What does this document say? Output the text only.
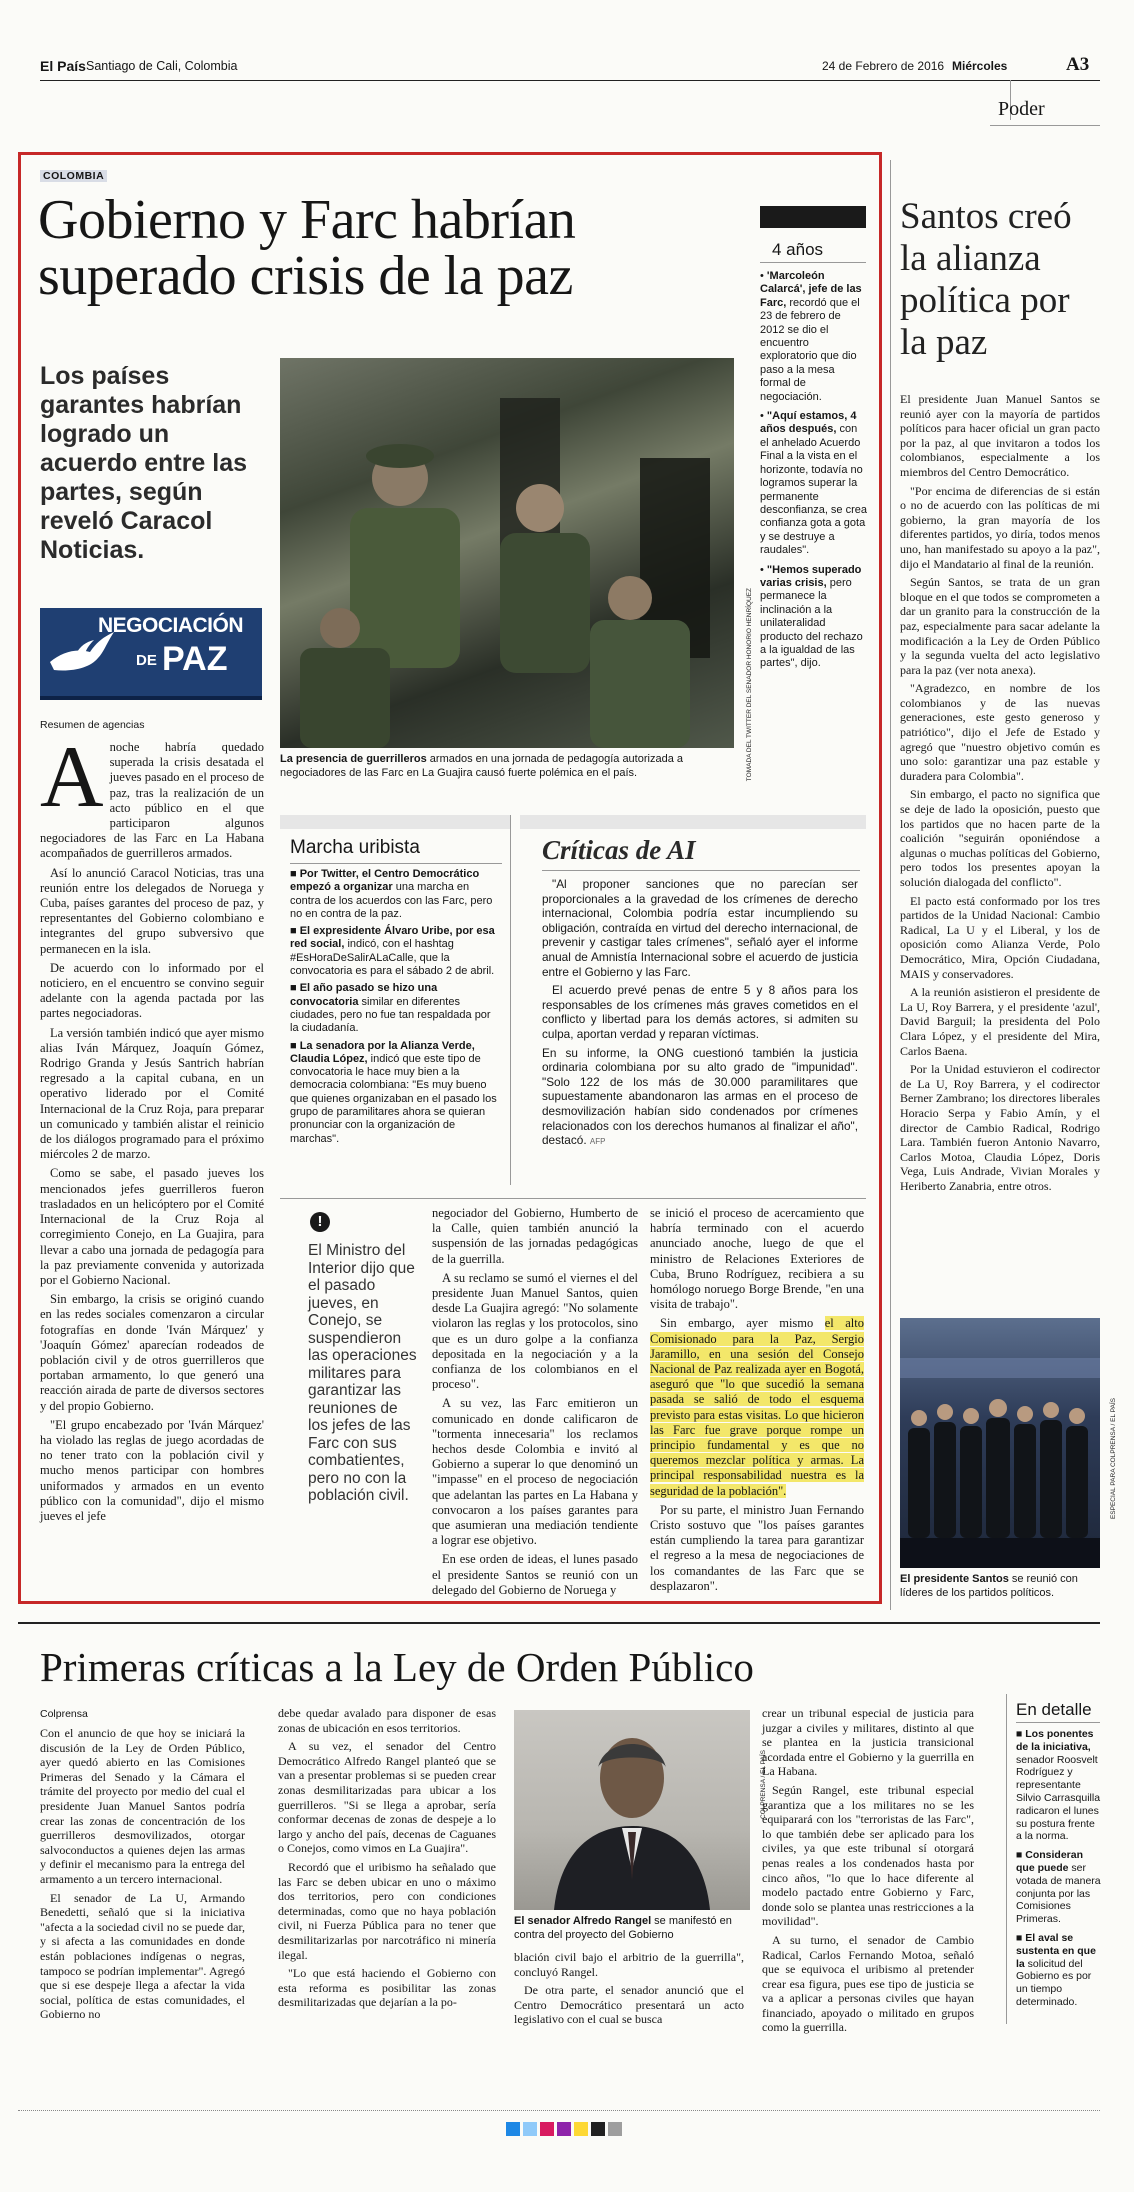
El País Santiago de Cali, Colombia	24 de Febrero de 2016 Miércoles	A3
Poder
COLOMBIA
Gobierno y Farc habrían superado crisis de la paz
Los países garantes habrían logrado un acuerdo entre las partes, según reveló Caracol Noticias.
NEGOCIACIÓN
DE PAZ
Resumen de agencias
A noche habría quedado superada la crisis desatada el jueves pasado en el proceso de paz, tras la realización de un acto público en el que participaron algunos negociadores de las Farc en La Habana acompañados de guerrilleros armados.

Así lo anunció Caracol Noticias, tras una reunión entre los delegados de Noruega y Cuba, países garantes del proceso de paz, y representantes del Gobierno colombiano e integrantes del grupo subversivo que permanecen en la isla.

De acuerdo con lo informado por el noticiero, en el encuentro se convino seguir adelante con la agenda pactada por las partes negociadoras.

La versión también indicó que ayer mismo alias Iván Márquez, Joaquín Gómez, Rodrigo Granda y Jesús Santrich habrían regresado a la capital cubana, en un operativo liderado por el Comité Internacional de la Cruz Roja, para preparar un comunicado y también alistar el reinicio de los diálogos programado para el próximo miércoles 2 de marzo.

Como se sabe, el pasado jueves los mencionados jefes guerrilleros fueron trasladados en un helicóptero por el Comité Internacional de la Cruz Roja al corregimiento Conejo, en La Guajira, para llevar a cabo una jornada de pedagogía para la paz previamente convenida y autorizada por el Gobierno Nacional.

Sin embargo, la crisis se originó cuando en las redes sociales comenzaron a circular fotografías en donde 'Iván Márquez' y 'Joaquín Gómez' aparecían rodeados de población civil y de otros guerrilleros que portaban armamento, lo que generó una reacción airada de parte de diversos sectores y del propio Gobierno.

"El grupo encabezado por 'Iván Márquez' ha violado las reglas de juego acordadas de no tener trato con la población civil y mucho menos participar con hombres uniformados y armados en un evento público con la comunidad", dijo el mismo jueves el jefe

TOMADA DEL TWITTER DEL SENADOR HONORIO HENRÍQUEZ
La presencia de guerrilleros armados en una jornada de pedagogía autorizada a negociadores de las Farc en La Guajira causó fuerte polémica en el país.
4 años
• 'Marcoleón Calarcá', jefe de las Farc, recordó que el 23 de febrero de 2012 se dio el encuentro exploratorio que dio paso a la mesa formal de negociación.
• "Aquí estamos, 4 años después, con el anhelado Acuerdo Final a la vista en el horizonte, todavía no logramos superar la permanente desconfianza, se crea confianza gota a gota y se destruye a raudales".
• "Hemos superado varias crisis, pero permanece la inclinación a la unilateralidad producto del rechazo a la igualdad de las partes", dijo.
Marcha uribista
■ Por Twitter, el Centro Democrático empezó a organizar una marcha en contra de los acuerdos con las Farc, pero no en contra de la paz.
■ El expresidente Álvaro Uribe, por esa red social, indicó, con el hashtag #EsHoraDeSalirALaCalle, que la convocatoria es para el sábado 2 de abril.
■ El año pasado se hizo una convocatoria similar en diferentes ciudades, pero no fue tan respaldada por la ciudadanía.
■ La senadora por la Alianza Verde, Claudia López, indicó que este tipo de convocatoria le hace muy bien a la democracia colombiana: "Es muy bueno que quienes organizaban en el pasado los grupo de paramilitares ahora se quieran pronunciar con la organización de marchas".
Críticas de AI

"Al proponer sanciones que no parecían ser proporcionales a la gravedad de los crímenes de derecho internacional, Colombia podría estar incumpliendo su obligación, contraída en virtud del derecho internacional, de prevenir y castigar tales crímenes", señaló ayer el informe anual de Amnistía Internacional sobre el acuerdo de justicia entre el Gobierno y las Farc.

El acuerdo prevé penas de entre 5 y 8 años para los responsables de los crímenes más graves cometidos en el conflicto y libertad para los demás actores, si admiten su culpa, aportan verdad y reparan víctimas.

En su informe, la ONG cuestionó también la justicia ordinaria colombiana por su alto grado de "impunidad". "Solo 122 de los más de 30.000 paramilitares que supuestamente abandonaron las armas en el proceso de desmovilización habían sido condenados por crímenes relacionados con los derechos humanos al finalizar el año", destacó. AFP
!
El Ministro del Interior dijo que el pasado jueves, en Conejo, se suspendieron las operaciones militares para garantizar las reuniones de los jefes de las Farc con sus combatientes, pero no con la población civil.

negociador del Gobierno, Humberto de la Calle, quien también anunció la suspensión de las jornadas pedagógicas de la guerrilla.

A su reclamo se sumó el viernes el del presidente Juan Manuel Santos, quien desde La Guajira agregó: "No solamente violaron las reglas y los protocolos, sino que es un duro golpe a la confianza depositada en la negociación y a la confianza de los colombianos en el proceso".

A su vez, las Farc emitieron un comunicado en donde calificaron de "tormenta innecesaria" los reclamos hechos desde Colombia e invitó al Gobierno a superar lo que denominó un "impasse" en el proceso de negociación que adelantan las partes en La Habana y convocaron a los países garantes para que asumieran una mediación tendiente a lograr ese objetivo.

En ese orden de ideas, el lunes pasado el presidente Santos se reunió con un delegado del Gobierno de Noruega y

se inició el proceso de acercamiento que habría terminado con el acuerdo anunciado anoche, luego de que el ministro de Relaciones Exteriores de Cuba, Bruno Rodríguez, recibiera a su homólogo noruego Borge Brende, "en una visita de trabajo".

Sin embargo, ayer mismo el alto Comisionado para la Paz, Sergio Jaramillo, en una sesión del Consejo Nacional de Paz realizada ayer en Bogotá, aseguró que "lo que sucedió la semana pasada se salió de todo el esquema previsto para estas visitas. Lo que hicieron las Farc fue grave porque rompe un principio fundamental y es que no queremos mezclar política y armas. La principal responsabilidad nuestra es la seguridad de la población".

Por su parte, el ministro Juan Fernando Cristo sostuvo que "los países garantes están cumpliendo la tarea para garantizar el regreso a la mesa de negociaciones de los comandantes de las Farc que se desplazaron".

Santos creó la alianza política por la paz

El presidente Juan Manuel Santos se reunió ayer con la mayoría de partidos políticos para hacer oficial un gran pacto por la paz, al que invitaron a todos los colombianos, especialmente a los miembros del Centro Democrático.

"Por encima de diferencias de si están o no de acuerdo con las políticas de mi gobierno, la gran mayoría de los diferentes partidos, yo diría, todos menos uno, han manifestado su apoyo a la paz", dijo el Mandatario al final de la reunión.

Según Santos, se trata de un gran bloque en el que todos se comprometen a dar un granito para la construcción de la paz, especialmente para sacar adelante la modificación a la Ley de Orden Público y la segunda vuelta del acto legislativo para la paz (ver nota anexa).

"Agradezco, en nombre de los colombianos y de las nuevas generaciones, este gesto generoso y patriótico", dijo el Jefe de Estado y agregó que "nuestro objetivo común es uno solo: garantizar una paz estable y duradera para Colombia".

Sin embargo, el pacto no significa que se deje de lado la oposición, puesto que los partidos que no hacen parte de la coalición "seguirán oponiéndose a algunas o muchas políticas del Gobierno, pero todos los presentes apoyan la solución dialogada del conflicto".

El pacto está conformado por los tres partidos de la Unidad Nacional: Cambio Radical, La U y el Liberal, y los de oposición como Alianza Verde, Polo Democrático, Mira, Opción Ciudadana, MAIS y conservadores.

A la reunión asistieron el presidente de La U, Roy Barrera, y el presidente 'azul', David Barguil; la presidenta del Polo Clara López, y el presidente del Mira, Carlos Baena.

Por la Unidad estuvieron el codirector de La U, Roy Barrera, y el codirector Berner Zambrano; los directores liberales Horacio Serpa y Fabio Amín, y el director de Cambio Radical, Rodrigo Lara. También fueron Antonio Navarro, Carlos Motoa, Claudia López, Doris Vega, Luis Andrade, Vivian Morales y Heriberto Zanabria, entre otros.

ESPECIAL PARA COLPRENSA / EL PAÍS
El presidente Santos se reunió con líderes de los partidos políticos.
Primeras críticas a la Ley de Orden Público
Colprensa

Con el anuncio de que hoy se iniciará la discusión de la Ley de Orden Público, ayer quedó abierto en las Comisiones Primeras del Senado y la Cámara el trámite del proyecto por medio del cual el presidente Juan Manuel Santos podría crear las zonas de concentración de los guerrilleros desmovilizados, otorgar salvoconductos a quienes dejen las armas y definir el mecanismo para la entrega del armamento a un tercero internacional.

El senador de La U, Armando Benedetti, señaló que si la iniciativa "afecta a la sociedad civil no se puede dar, y si afecta a las comunidades en donde están poblaciones indígenas o negras, tampoco se podrían implementar". Agregó que si ese despeje llega a afectar la vida social, política de estas comunidades, el Gobierno no

debe quedar avalado para disponer de esas zonas de ubicación en esos territorios.

A su vez, el senador del Centro Democrático Alfredo Rangel planteó que se van a presentar problemas si se pueden crear zonas desmilitarizadas para ubicar a los guerrilleros. "Si se llega a aprobar, sería conformar decenas de zonas de despeje a lo largo y ancho del país, decenas de Caguanes o Conejos, como vimos en La Guajira".

Recordó que el uribismo ha señalado que las Farc se deben ubicar en uno o máximo dos territorios, pero con condiciones determinadas, como que no haya población civil, ni Fuerza Pública para no tener que desmilitarizarlas por narcotráfico ni minería ilegal.

"Lo que está haciendo el Gobierno con esta reforma es posibilitar las zonas desmilitarizadas que dejarían a la po-

COLPRENSA / EL PAÍS
El senador Alfredo Rangel se manifestó en contra del proyecto del Gobierno

blación civil bajo el arbitrio de la guerrilla", concluyó Rangel.

De otra parte, el senador anunció que el Centro Democrático presentará un acto legislativo con el cual se busca

crear un tribunal especial de justicia para juzgar a civiles y militares, distinto al que se plantea en la justicia transicional acordada entre el Gobierno y la guerrilla en La Habana.

Según Rangel, este tribunal especial garantiza que a los militares no se les equiparará con los "terroristas de las Farc", lo que también debe ser aplicado para los civiles, ya que este tribunal sí otorgará penas reales a los condenados hasta por cinco años, "lo que lo hace diferente al modelo pactado entre Gobierno y Farc, donde solo se plantea unas restricciones a la movilidad".

A su turno, el senador de Cambio Radical, Carlos Fernando Motoa, señaló que se equivoca el uribismo al pretender crear esa figura, pues ese tipo de justicia se va a aplicar a personas civiles que hayan financiado, apoyado o militado en grupos como la guerrilla.

En detalle
■ Los ponentes de la iniciativa, senador Roosvelt Rodríguez y representante Silvio Carrasquilla radicaron el lunes su postura frente a la norma.
■ Consideran que puede ser votada de manera conjunta por las Comisiones Primeras.
■ El aval se sustenta en que la solicitud del Gobierno es por un tiempo determinado.
